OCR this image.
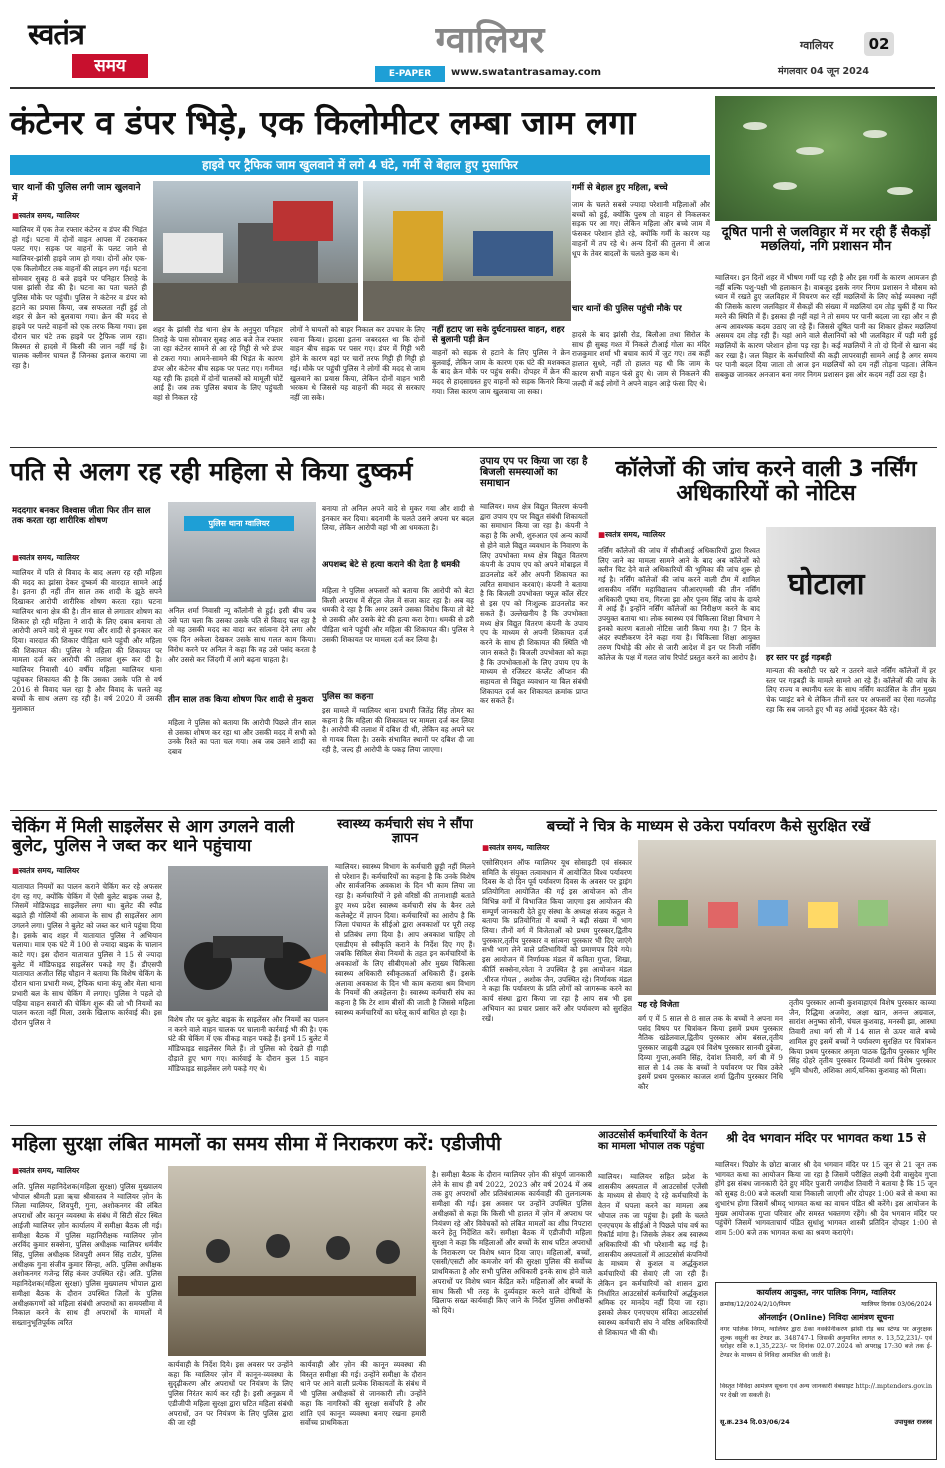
स्वतंत्र
समय
ग्वालियर
E-PAPER	www.swatantrasamay.com
ग्वालियर	02
मंगलवार 04 जून 2024
कंटेनर व डंपर भिड़े, एक किलोमीटर लम्बा जाम लगा
हाइवे पर ट्रैफिक जाम खुलवाने में लगे 4 घंटे, गर्मी से बेहाल हुए मुसाफिर
चार थानों की पुलिस लगी जाम खुलवाने में
■ स्वतंत्र समय, ग्वालियर
ग्वालियर में एक तेज रफ्तार कंटेनर व डंपर की भिड़ंत हो गई। घटना में दोनों वाहन आपस में टकराकर पलट गए। सड़क पर वाहनों के पलट जाने से ग्वालियर-झांसी हाइवे जाम हो गया। दोनों ओर एक-एक किलोमीटर तक वाहनों की लाइन लग गई। घटना सोमवार सुबह 8 बजे हाइवे पर पनिहार तिराहे के पास झांसी रोड की है। घटना का पता चलते ही पुलिस मौके पर पहुंची। पुलिस ने कंटेनर व डंपर को हटाने का प्रयास किया, जब सफलता नहीं हुई तो शहर से क्रेन को बुलवाया गया। क्रेन की मदद से हाइवे पर पलटे वाहनों को एक तरफ किया गया। इस दौरान चार घंटे तक हाइवे पर ट्रैफिक जाम रहा। किस्मत से हादसे में किसी की जान नहीं गई है। चालक क्लीनर घायल हैं जिनका इलाज कराया जा रहा है।
शहर के झांसी रोड थाना क्षेत्र के अनुपुरा पनिहार तिराहे के पास सोमवार सुबह आठ बजे तेज रफ्तार जा रहा कंटेनर सामने से आ रहे गिट्टी से भरे डंपर से टकरा गया। आमने-सामने की भिड़ंत के कारण डंपर और कंटेनर बीच सड़क पर पलट गए। गनीमत यह रही कि हादसे में दोनों चालकों को मामूली चोटें आई हैं। जब तक पुलिस बचाव के लिए पहुंचती वहां से निकल रहे
लोगों ने घायलों को बाहर निकाल कर उपचार के लिए रवाना किया। हादसा इतना जबरदस्त था कि दोनों वाहन बीच सड़क पर पसर गए। डंपर में गिट्टी भरी होने के कारण वहां पर चारों तरफ गिट्टी ही गिट्टी हो गई। मौके पर पहुंची पुलिस ने लोगों की मदद से जाम खुलवाने का प्रयास किया, लेकिन दोनों वाहन भारी भरकम थे जिससे यह वाहनों की मदद से सरकाए नहीं जा सके।
नहीं हटाए जा सके दुर्घटनाग्रस्त वाहन, शहर से बुलानी पड़ी क्रेन
वाहनों को सड़क से हटाने के लिए पुलिस ने क्रेन बुलवाई, लेकिन जाम के कारण एक घंटे की मशक्कत के बाद क्रेन मौके पर पहुंच सकी। दोपहर में क्रेन की मदद से हादसाग्रस्त हुए वाहनों को सड़क किनारे किया गया। जिस कारण जाम खुलवाया जा सका।
गर्मी से बेहाल हुए महिला, बच्चे
जाम के चलते सबसे ज्यादा परेशानी महिलाओं और बच्चों को हुई, क्योंकि पुरुष तो वाहन से निकलकर सड़क पर आ गए। लेकिन महिला और बच्चे जाम में फंसकर परेशान होते रहे, क्योंकि गर्मी के कारण यह वाहनों में तप रहे थे। अन्य दिनों की तुलना में आज धूप के तेवर बादलों के चलते कुछ कम थे।
चार थानों की पुलिस पहुंची मौके पर
हादसे के बाद झांसी रोड, बिलौआ तथा सिरोल के साथ ही सुबह गश्त में निकले टीआई गोला का मंदिर राजकुमार शर्मा भी बचाव कार्य में जुट गए। तब कहीं हालात सुधरे, नहीं तो हालत यह थी कि जाम के कारण सभी वाहन फंसे हुए थे। जाम से निकलने की जल्दी में कई लोगों ने अपने वाहन आड़े फंसा दिए थे।
दूषित पानी से जलविहार में मर रही हैं सैकड़ों मछलियां, नगि प्रशासन मौन
ग्वालियर। इन दिनों शहर में भीषण गर्मी पड़ रही है और इस गर्मी के कारण आमजन ही नहीं बल्कि पशु-पक्षी भी हलाकान है। वाबजूद इसके नगर निगम प्रशासन ने मौसम को ध्यान में रखते हुए जलविहार में विचरण कर रहीं मछलियों के लिए कोई व्यवस्था नहीं की जिसके कारण जलविहार में सैकड़ों की संख्या में मछलियां दम तोड़ चुकीं हैं या फिर मरने की स्थिति में हैं। इसका ही नहीं वहां ने तो समय पर पानी बदला जा रहा और न ही अन्य आवश्यक कदम उठाए जा रहे हैं। जिससे दूषित पानी का शिकार होकर मछलियां असमय दम तोड़ रही हैं। यहां आने वाले सैलानियों को भी जलविहार में पड़ी मरी हुई मछलियों के कारण परेशान होना पड़ रहा है। कई मछलियों ने तो दो दिनों से खाना बंद कर रखा है। जल विहार के कर्मचारियों की कड़ी लापरवाही सामने आई है अगर समय पर पानी बदल दिया जाता तो आज इन मछलियों को दम नहीं तोड़ना पड़ता। लेकिन सबकुछ जानकर अनजान बना नगर निगम प्रशासन इस ओर कदम नहीं उठा रहा है।
पति से अलग रह रही महिला से किया दुष्कर्म
मददगार बनकर विश्वास जीता फिर तीन साल तक करता रहा शारीरिक शोषण
■ स्वतंत्र समय, ग्वालियर
ग्वालियर में पति से विवाद के बाद अलग रह रही महिला की मदद का झांसा देकर दुष्कर्म की वारदात सामने आई है। इतना ही नहीं तीन साल तक शादी के झूठे सपने दिखाकर आरोपी शारीरिक शोषण करता रहा। घटना ग्वालियर थाना क्षेत्र की है। तीन साल से लगातार शोषण का शिकार हो रही महिला ने शादी के लिए दबाव बनाया तो आरोपी अपने वादे से मुकर गया और शादी से इनकार कर दिया। वारदात की शिकार पीड़िता थाने पहुंची और महिला की शिकायत की। पुलिस ने महिला की शिकायत पर मामला दर्ज कर आरोपी की तलाश शुरू कर दी है। ग्वालियर निवासी 40 वर्षीय महिला ग्वालियर थाना पहुंचकर शिकायत की है कि उसका उसके पति से वर्ष 2016 से विवाद चल रहा है और विवाद के चलते वह बच्चों के साथ अलग रह रही है। वर्ष 2020 में उसकी मुलाकात
पुलिस थाना ग्वालियर
अनिल शर्मा निवासी न्यू कॉलोनी से हुई। इसी बीच जब उसे पता चला कि उसका उसके पति से विवाद चल रहा है तो वह उसकी मदद का वादा कर सांत्वना देने लगा और एक दिन अकेला देखकर उसके साथ गलत काम किया। विरोध करने पर अनिल ने कहा कि वह उसे पसंद करता है और उससे कर जिंदगी में आगे बढ़ना चाहता है।
तीन साल तक किया शोषण फिर शादी से मुकरा
महिला ने पुलिस को बताया कि आरोपी पिछले तीन साल से उसका शोषण कर रहा था और उसकी मदद में सभी को उनके रिश्ते का पता चल गया। अब जब उसने शादी का दबाव
बनाया तो अनिल अपने वादे से मुकर गया और शादी से इनकार कर दिया। बदनामी के चलते उसने अपना घर बदल लिया, लेकिन आरोपी वहां भी आ धमकता है।
अपशब्द बेटे से हत्या कराने की देता है धमकी
महिला ने पुलिस अफसरों को बताया कि आरोपी को बेटा किसी अपराध में सेंट्रल जेल में सजा काट रहा है। अब वह धमकी दे रहा है कि अगर उसने उसका विरोध किया तो बेटे से उसकी और उसके बेटे की हत्या करा देगा। धमकी से डरी पीड़िता थाने पहुंची और महिला की शिकायत की। पुलिस ने उसकी शिकायत पर मामला दर्ज कर लिया है।
पुलिस का कहना
इस मामले में ग्वालियर थाना प्रभारी जितेंद्र सिंह तोमर का कहना है कि महिला की शिकायत पर मामला दर्ज कर लिया है। आरोपी की तलाश में दबिश दी थी, लेकिन वह अपने घर से गायब मिला है। उसके संभावित स्थानों पर दबिश दी जा रही है, जल्द ही आरोपी के पकड़ लिया जाएगा।
उपाय एप पर किया जा रहा है बिजली समस्याओं का समाधान
ग्वालियर। मध्य क्षेत्र विद्युत वितरण कंपनी द्वारा उपाय एप पर विद्युत संबंधी शिकायतों का समाधान किया जा रहा है। कंपनी ने कहा है कि अभी, शुरुआत एवं अन्य कार्यों से होने वाले विद्युत व्यवधान के निवारण के लिए उपभोक्ता मध्य क्षेत्र विद्युत वितरण कंपनी के उपाय एप को अपने मोबाइल में डाउनलोड करें और अपनी शिकायत का त्वरित समाधान करवाएं। कंपनी ने बताया है कि बिजली उपभोक्ता फ्यूज़ कॉल सेंटर से इस एप को निःशुल्क डाउनलोड कर सकते हैं। उल्लेखनीय है कि उपभोक्ता मध्य क्षेत्र विद्युत वितरण कंपनी के उपाय एप के माध्यम से अपनी शिकायत दर्ज करने के साथ ही शिकायत की स्थिति भी जान सकते हैं। बिजली उपभोक्ता को कहा है कि उपभोक्ताओं के लिए उपाय एप के माध्यम से रजिस्टर कंप्लेंट ऑप्शन की सहायता से विद्युत व्यवधान या बिल संबंधी शिकायत दर्ज कर शिकायत क्रमांक प्राप्त कर सकते हैं।
कॉलेजों की जांच करने वाली 3 नर्सिंग अधिकारियों को नोटिस
■ स्वतंत्र समय, ग्वालियर
नर्सिंग कॉलेजों की जांच में सीबीआई अधिकारियों द्वारा रिश्वत लिए जाने का मामला सामने आने के बाद अब कॉलेजों को क्लीन चिट देने वाले अधिकारियों की भूमिका की जांच शुरू हो गई है। नर्सिंग कॉलेजों की जांच करने वाली टीम में शामिल शासकीय नर्सिंग महाविद्यालय जीआरएमसी की तीन नर्सिंग अधिकारी पुष्पा राय, गिरजा झा और पूनम सिंह जांच के दायरे में आई हैं। इन्होंने नर्सिंग कॉलेजों का निरीक्षण करने के बाद उपयुक्त बताया था। लोक स्वास्थ्य एवं चिकित्सा शिक्षा विभाग ने इनको कारण बताओ नोटिस जारी किया गया है। 7 दिन के अंदर स्पष्टीकरण देने कहा गया है। चिकित्सा शिक्षा आयुक्त तरुण पिथोड़े की ओर से जारी आदेश में इन पर निजी नर्सिंग कॉलेज के पक्ष में गलत जांच रिपोर्ट प्रस्तुत करने का आरोप है।
घोटाला
हर स्तर पर हुई गड़बड़ी
मान्यता की कसौटी पर खरे न उतरने वाले नर्सिंग कॉलेजों में हर स्तर पर गड़बड़ी के मामले सामने आ रहे हैं। कॉलेजों की जांच के लिए राज्य व स्थानीय स्तर के साथ नर्सिंग काउंसिल के तीन मुख्य चेक प्वाइंट बने थे लेकिन तीनों स्तर पर अफसरों का ऐसा गठजोड़ रहा कि सब जानते हुए भी वह आंखें मूंदकर बैठे रहे।
चेकिंग में मिली साइलेंसर से आग उगलने वाली बुलेट, पुलिस ने जब्त कर थाने पहुंचाया
■ स्वतंत्र समय, ग्वालियर
यातायात नियमों का पालन कराने चेकिंग कर रहे अफसर दंग रह गए, क्योंकि चेकिंग में ऐसी बुलेट बाइक जब्त है, जिसमें मोडिफाइड साइलेंसर लगा था। बुलेट की स्पीड बढ़ाते ही गोलियों की आवाज के साथ ही साइलेंसर आग उगलने लगा। पुलिस ने बुलेट को जब्त कर थाने पहुंचा दिया है। इसके बाद शहर में यातायात पुलिस ने अभियान चलाया। मात्र एक घंटे में 100 से ज्यादा बाइक के चालान काटे गए। इस दौरान यातायात पुलिस ने 15 से ज्यादा बुलेट में मॉडिफाइड साइलेंसर पकड़े गए हैं। डीएसपी यातायात अजीत सिंह चौहान ने बताया कि विशेष चेकिंग के दौरान थाना प्रभारी मध्य, ट्रैफिक थाना कंपू और मेला थाना प्रभारी बल के साथ चेकिंग में लगाए। पुलिस ने पहले दो पहिया वाहन सवारों की चेकिंग शुरू की जो भी नियमों का पालन करता नहीं मिला, उसके खिलाफ कार्रवाई की। इस दौरान पुलिस ने	विशेष तौर पर बुलेट बाइक के साइलेंसर और नियमों का पालन न करने वाले वाहन चालक पर चालानी कार्रवाई भी की है। एक घंटे की चेकिंग में एक वीकड़ वाहन पकड़े हैं। इनमें 15 बुलेट में मॉडिफाइड साइलेंसर मिले हैं। तो पुलिस को देखते ही गाड़ी दौड़ाते हुए भाग गए। कार्रवाई के दौरान कुल 15 वाहन मॉडिफाइड साइलेंसर लगे पकड़े गए थे।
स्वास्थ्य कर्मचारी संघ ने सौंपा ज्ञापन
ग्वालियर। स्वास्थ्य विभाग के कर्मचारी छुट्टी नहीं मिलने से परेशान हैं। कर्मचारियों का कहना है कि उनके विशेष और सार्वजनिक अवकाश के दिन भी काम लिया जा रहा है। कर्मचारियों ने इसे वरिष्ठों की तानाशाही बताते हुए मध्य प्रदेश स्वास्थ्य कर्मचारी संघ के बैनर तले कलेक्ट्रेट में ज्ञापन दिया। कर्मचारियों का आरोप है कि जिला पंचायत के सीईओ द्वारा अवकाशों पर पूरी तरह से प्रतिबंध लगा दिया है। आप अवकाश चाहिए तो एसडीएम से स्वीकृति कराने के निर्देश दिए गए हैं। जबकि सिविल सेवा नियमों के तहत इन कर्मचारियों के अवकाशों के लिए सीबीएमओ और मुख्य चिकित्सा स्वास्थ्य अधिकारी स्वीकृतकर्ता अधिकारी हैं। इसके अलावा अवकाश के दिन भी काम कराया श्रम विभाग के नियमों की अवहेलना है। स्वास्थ्य कर्मचारी संघ का कहना है कि टेर शाम बीसों की जाती है जिससे महिला स्वास्थ्य कर्मचारियों का घरेलू कार्य बाधित हो रहा है।
बच्चों ने चित्र के माध्यम से उकेरा पर्यावरण कैसे सुरक्षित रखें
■ स्वतंत्र समय, ग्वालियर
एसोसिएशन ऑफ ग्वालियर यूथ सोसाइटी एवं संस्कार समिति के संयुक्त तत्वावधान में आयोजित विश्व पर्यावरण दिवस के दो दिन पूर्व पर्यावरण दिवस के अवसर पर ड्राइंग प्रतियोगिता आयोजित की गई इस आयोजन को तीन विभिन्न वर्गों में विभाजित किया जाएगा इस आयोजन की सम्पूर्ण जानकारी देते हुए संस्था के अध्यक्ष संजय कठूल ने बताया कि प्रतियोगिता में बच्चों ने बढ़ी संख्या में भाग लिया। तीनों वर्ग में विजेताओं को प्रथम पुरस्कार,द्वितीय पुरस्कार,तृतीय पुरस्कार व सांत्वना पुरस्कार भी दिए जाएंगे सभी भाग लेने वाले प्रतिभागियों को प्रमाणपत्र दिये गये। इस आयोजन में निर्णायक मंडल में कविता गुप्ता, शिखा, कीर्ति सक्सेना,रवेता ने उपस्थित है इस आयोजन मंडल .धीरज गोयल , अशोक जैन, उपस्थित रहे। निर्णायक मंडल ने कहा कि पर्यावरण के प्रति लोगों को जागरूक करने का कार्य संस्था द्वारा किया जा रहा है आप सब भी इस अभियान का प्रचार प्रसार करें और पर्यावरण को सुरक्षित रखें।
यह रहे विजेता
वर्ग ए में 5 साल से 8 साल तक के बच्चों ने अपना मन पसंद विषय पर चित्रांकन किया इसमें प्रथम पुरस्कार नैतिक खंडेलवाल,द्वितीय पुरस्कार ओम बंसल,तृतीय पुरस्कार जाह्नवी उद्धव एवं विशेष पुरस्कार सानवी दुबेजा, दिव्या गुप्ता,अवनि सिंह, देवांश तिवारी, वर्ग बी में 9 साल से 14 तक के बच्चों ने पर्यावरण पर चित्र उकेरे इसमें प्रथम पुरस्कार काजल शर्मा द्वितीय पुरस्कार निधि कौर
तृतीय पुरस्कार आन्वी कुशवाहाएवं विशेष पुरस्कार काव्या जैन, रिद्धिमा अजमेरा, अक्षा खान, अनन्त अग्रवाल, सारांश अनुष्का सोनी, चंचल कुशवाह, मनस्वी झा, आस्था तिवारी तथा वर्ग सी में 14 साल से ऊपर वाले बच्चे शामिल हुए इसमें बच्चों ने पर्यावरण सुरक्षित पर चित्रांकन किया प्रथम पुरस्कार अमृता पाठक द्वितीय पुरस्कार भूमिर सिंह दोहरे तृतीय पुरस्कार दिव्यांशी वर्मा विशेष पुरस्कार भूमि चौधरी, अंशिका आर्य,चनिका कुशवाह को मिला।
महिला सुरक्षा लंबित मामलों का समय सीमा में निराकरण करें: एडीजीपी
■ स्वतंत्र समय, ग्वालियर
अति. पुलिस महानिदेशक(महिला सुरक्षा) पुलिस मुख्यालय भोपाल श्रीमती प्रज्ञा ऋचा श्रीवास्तव ने ग्वालियर ज़ोन के जिला ग्वालियर, शिवपुरी, गुना, अशोकनगर की लंबित अपराधों और कानून व्यवस्था के संबंध में सिटी सेंटर स्थित आईजी ग्वालियर ज़ोन कार्यालय में समीक्षा बैठक ली गई। समीक्षा बैठक में पुलिस महानिरीक्षक ग्वालियर ज़ोन अरविंद कुमार सक्सेना, पुलिस अधीक्षक ग्वालियर धर्मवीर सिंह, पुलिस अधीक्षक शिवपुरी अमन सिंह राठौर, पुलिस अधीक्षक गुना संजीव कुमार सिन्हा, अति. पुलिस अधीक्षक अशोकनगर गजेन्द्र सिंह कंवर उपस्थित रहे। अति. पुलिस महानिदेशक(महिला सुरक्षा) पुलिस मुख्यालय भोपाल द्वारा समीक्षा बैठक के दौरान उपस्थित जिलों के पुलिस अधीक्षकगणों को महिला संबंधी अपराधों का समयसीमा में निकाल करने के साथ ही अपराधों के मामलों में सख्तानुभूतिपूर्वक त्वरित
कार्यवाही के निर्देश दिये। इस अवसर पर उन्होंने कहा कि ग्वालियर ज़ोन में कानून-व्यवस्था के सुदृढ़ीकरण और अपराधों पर नियंत्रण के लिए पुलिस निरंतर कार्य कर रही है। इसी अनुक्रम में एडीजीपी महिला सुरक्षा द्वारा घटित महिला संबंधी अपराधों, उन पर नियंत्रण के लिए पुलिस द्वारा की जा रही
कार्यवाही और ज़ोन की कानून व्यवस्था की विस्तृत समीक्षा की गई। उन्होंने समीक्षा के दौरान थाने पर आने वाली प्रत्येक शिकायतों के संबंध में भी पुलिस अधीक्षकों से जानकारी ली। उन्होंने कहा कि नागरिकों की सुरक्षा सर्वोपरि है और शांति एवं कानून व्यवस्था बनाए रखना हमारी सर्वोच्च प्राथमिकता
है। समीक्षा बैठक के दौरान ग्वालियर ज़ोन की संपूर्ण जानकारी लेने के साथ ही वर्ष 2022, 2023 और वर्ष 2024 में अब तक हुए अपराधों और प्रतिबंधात्मक कार्यवाही की तुलनात्मक समीक्षा की गई। इस अवसर पर उन्होंने उपस्थित पुलिस अधीक्षकों से कहा कि किसी भी हालत में ज़ोन में अपराध पर नियंत्रण रहे और विवेचकों को लंबित मामलों का शीघ्र निपटारा करने हेतु निर्देशित करें। समीक्षा बैठक में एडीजीपी महिला सुरक्षा ने कहा कि महिलाओं और बच्चों के साथ घटित अपराधों के निराकरण पर विशेष ध्यान दिया जाए। महिलाओं, बच्चों, एससी/एसटी और कमजोर वर्ग की सुरक्षा पुलिस की सर्वोच्च प्राथमिकता है और सभी पुलिस अधिकारी इनके साथ होने वाले अपराधों पर विशेष ध्यान केंद्रित करें। महिलाओं और बच्चों के साथ किसी भी तरह के दुर्व्यवहार करने वाले दोषियों के खिलाफ सख्त कार्यवाही किए जाने के निर्देश पुलिस अधीक्षकों को दिये।
आउटसोर्स कर्मचारियों के वेतन का मामला भोपाल तक पहुंचा
ग्वालियर। ग्वालियर सहित प्रदेश के शासकीय अस्पताल में आउटसोर्स एजेंसी के माध्यम से सेवाएं दे रहे कर्मचारियों के वेतन में घपला करने का मामला अब भोपाल तक जा पहुंचा है। इसी के चलते एनएचएम के सीईओ ने पिछले पांच वर्ष का रिकॉर्ड मांगा है। जिसके लेकर अब स्वास्थ्य अधिकारियों की भी परेशानी बढ़ गई है। शासकीय अस्पतालों में आउटसोर्स कंपनियों के माध्यम से कुशल व अर्द्धकुशल कर्मचारियों की सेवाएं ली जा रही हैं। लेकिन इन कर्मचारियों को शासन द्वारा निर्धारित आउटसोर्स कर्मचारियों अर्द्धकुशल श्रमिक दर मानदेय नहीं दिया जा रहा। इसको लेकर एनएचएम संविदा आउटसोर्स स्वास्थ्य कर्मचारी संघ ने वरिष्ठ अधिकारियों से शिकायत भी की थी।
श्री देव भगवान मंदिर पर भागवत कथा 15 से
ग्वालियर। पिछोर के छोटा बाजार श्री देव भगवान मंदिर पर 15 जून से 21 जून तक भागवत कथा का आयोजन किया जा रहा है जिसमें परीक्षित लक्ष्मी देवी वासुदेव गुप्ता होंगे इस संबध जानकारी देते हुए मंदिर पुजारी जगदीश तिवारी ने बताया है कि 15 जून को सुबह 8:00 बजे कलशी यात्रा निकाली जाएगी और दोपहर 1:00 बजे से कथा का शुभारंभ होगा जिसमें श्रीमद् भागवत कथा का वाचन पंडित श्री करेंगे। इस आयोजन के मुख्य आयोजक गुप्ता परिवार और समस्त भक्तगण रहेंगे। श्री देव भगवान मंदिर पर पहुंचेंगे जिसमें भागवताचार्य पंडित सुधांशु भागवत शास्त्री प्रतिदिन दोपहर 1:00 से शाम 5:00 बजे तक भागवत कथा का श्रवण कराएंगे।
कार्यालय आयुक्त, नगर पालिक निगम, ग्वालियर
क्रमांक/12/2024/2/10/निमग	ग्वालियर दिनांक 03/06/2024
ऑनलाईन (Online) निविदा आमंत्रण सूचना
नगर पालिक निगम, ग्वालियर द्वारा ठेका नवकीनीकरण झांसी रोड़ बस स्टेण्ड पर अनुरक्षक शुल्क वसूली का टेण्डर क्र. 348747-1 जिसकी अनुमानित लागत रु. 13,52,231/- एवं धरोहर राशि रु.1,35,223/- पर दिनांक 02.07.2024 को अपराह्न 17:30 बजे तक ई-टेण्डर के माध्यम से निविदा आमंत्रित की जाती है।
विस्तृत निविदा आमंत्रण सूचना एवं अन्य जानकारी वेबसाइट http://.mptenders.gov.in पर देखी जा सकती है।
सू.क्र.234 दि.03/06/24	उपायुक्त राजस्व
